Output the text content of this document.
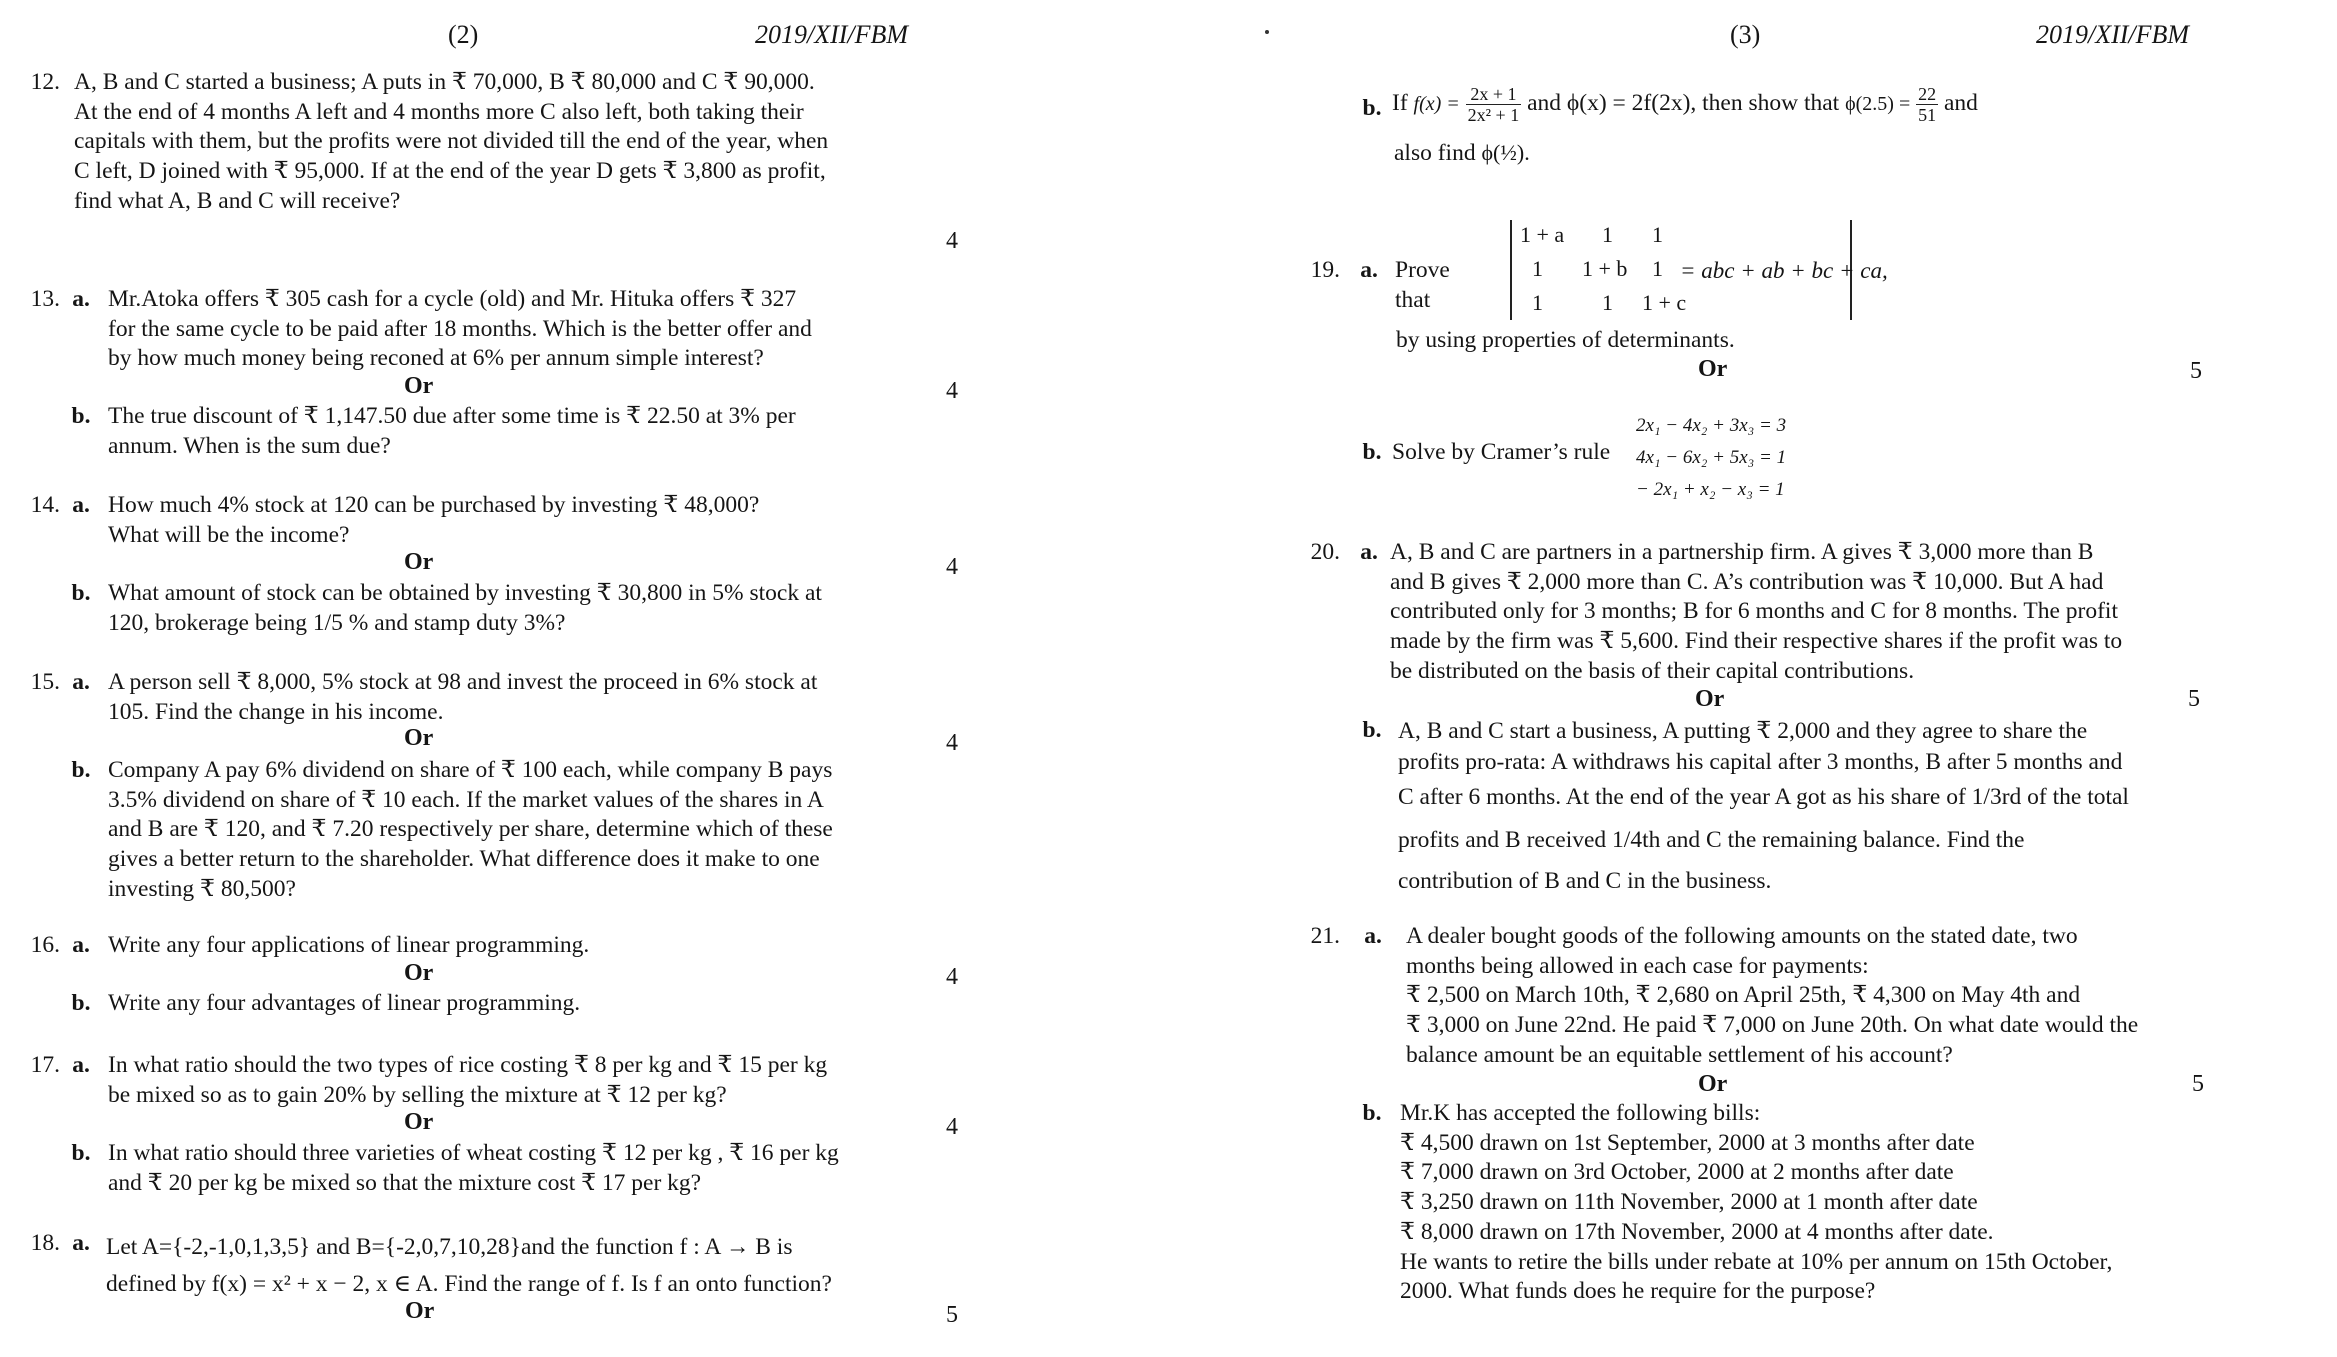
(2)	2019/XII/FBM
12. A, B and C started a business; A puts in ₹ 70,000, B ₹ 80,000 and C ₹ 90,000.
At the end of 4 months A left and 4 months more C also left, both taking their
capitals with them, but the profits were not divided till the end of the year, when
C left, D joined with ₹ 95,000. If at the end of the year D gets ₹ 3,800 as profit,
find what A, B and C will receive?
4
13. a. Mr.Atoka offers ₹ 305 cash for a cycle (old) and Mr. Hituka offers ₹ 327
for the same cycle to be paid after 18 months. Which is the better offer and
by how much money being reconed at 6% per annum simple interest?
Or	4
b. The true discount of ₹ 1,147.50 due after some time is ₹ 22.50 at 3% per
annum. When is the sum due?
14. a. How much 4% stock at 120 can be purchased by investing ₹ 48,000?
What will be the income?
Or	4
b. What amount of stock can be obtained by investing ₹ 30,800 in 5% stock at
120, brokerage being 1/5 % and stamp duty 3%?
15. a. A person sell ₹ 8,000, 5% stock at 98 and invest the proceed in 6% stock at
105. Find the change in his income.
Or	4
b. Company A pay 6% dividend on share of ₹ 100 each, while company B pays
3.5% dividend on share of ₹ 10 each. If the market values of the shares in A
and B are ₹ 120, and ₹ 7.20 respectively per share, determine which of these
gives a better return to the shareholder. What difference does it make to one
investing ₹ 80,500?
16. a. Write any four applications of linear programming.
Or	4
b. Write any four advantages of linear programming.
17. a. In what ratio should the two types of rice costing ₹ 8 per kg and ₹ 15 per kg
be mixed so as to gain 20% by selling the mixture at ₹ 12 per kg?
Or	4
b. In what ratio should three varieties of wheat costing ₹ 12 per kg , ₹ 16 per kg
and ₹ 20 per kg be mixed so that the mixture cost ₹ 17 per kg?
18. a. Let A={-2,-1,0,1,3,5} and B={-2,0,7,10,28}and the function f : A → B is
defined by f(x) = x² + x − 2, x ∈ A. Find the range of f. Is f an onto function?
Or	5
(3)	2019/XII/FBM
b. If $f(x) = \frac{2x + 1}{\text{2x² + 1}}$ and ϕ(x) = 2f(2x), then show that $\phi(2.5) = \frac{22}{51}$ and
also find ϕ(½).
19. a. Prove that
1 + a 1 1
1 1 + b 1
1	1 1 + c
= abc + ab + bc + ca,
by using properties of determinants.
Or	5
b. Solve by Cramer’s rule
2x₁ − 4x₂ + 3x₃ = 3
4x₁ − 6x₂ + 5x₃ = 1
− 2x₁ + x₂ − x₃ = 1
20. a. A, B and C are partners in a partnership firm. A gives ₹ 3,000 more than B
and B gives ₹ 2,000 more than C. A’s contribution was ₹ 10,000. But A had
contributed only for 3 months; B for 6 months and C for 8 months. The profit
made by the firm was ₹ 5,600. Find their respective shares if the profit was to
be distributed on the basis of their capital contributions.
Or	5
b. A, B and C start a business, A putting ₹ 2,000 and they agree to share the
profits pro-rata: A withdraws his capital after 3 months, B after 5 months and
C after 6 months. At the end of the year A got as his share of 1/3rd of the total
profits and B received 1/4th and C the remaining balance. Find the
contribution of B and C in the business.
21. a. A dealer bought goods of the following amounts on the stated date, two
months being allowed in each case for payments:
₹ 2,500 on March 10th, ₹ 2,680 on April 25th, ₹ 4,300 on May 4th and
₹ 3,000 on June 22nd. He paid ₹ 7,000 on June 20th. On what date would the
balance amount be an equitable settlement of his account?
Or	5
b. Mr.K has accepted the following bills:
₹ 4,500 drawn on 1st September, 2000 at 3 months after date
₹ 7,000 drawn on 3rd October, 2000 at 2 months after date
₹ 3,250 drawn on 11th November, 2000 at 1 month after date
₹ 8,000 drawn on 17th November, 2000 at 4 months after date.
He wants to retire the bills under rebate at 10% per annum on 15th October,
2000. What funds does he require for the purpose?
